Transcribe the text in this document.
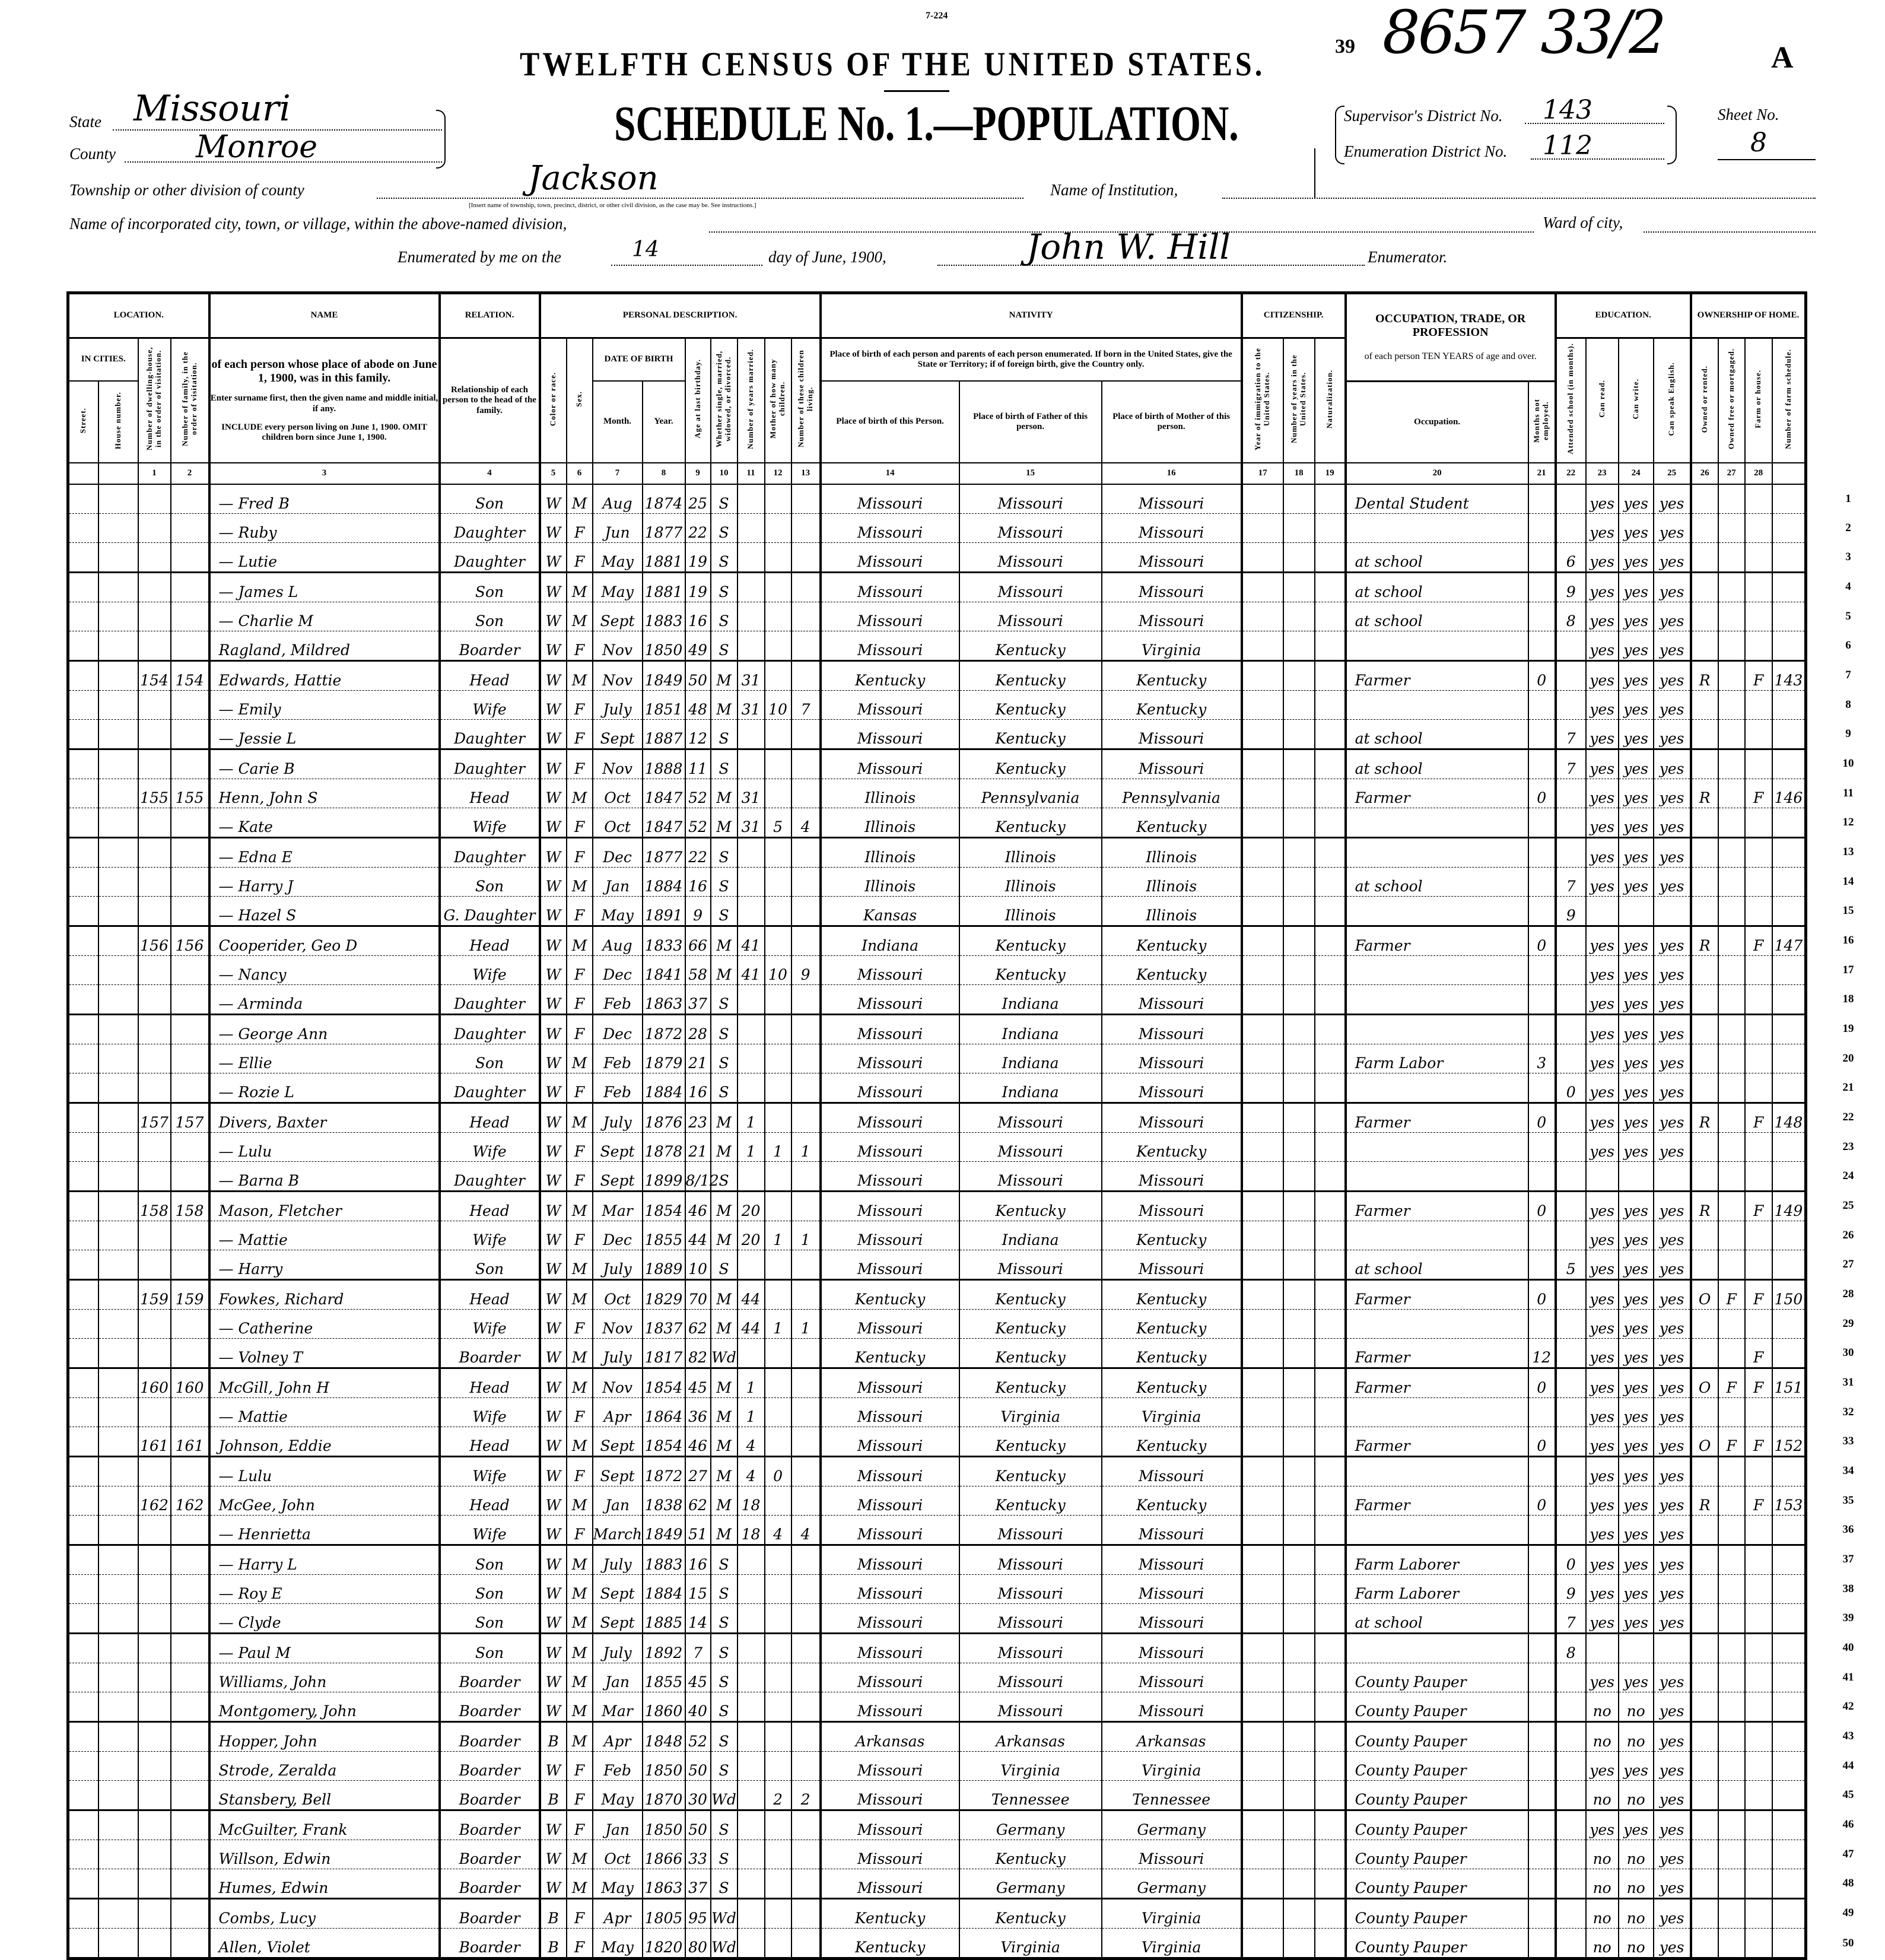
7-224
TWELFTH CENSUS OF THE UNITED STATES.
SCHEDULE No. 1.—POPULATION.
8657 33/2
39	A
State Missouri
County	Monroe
Supervisor's District No. 143
Enumeration District No. 112
Sheet No.
8
Township or other division of county	Jackson
[Insert name of township, town, precinct, district, or other civil division, as the case may be. See instructions.]
Name of Institution,
Name of incorporated city, town, or village, within the above-named division,	Ward of city,
Enumerated by me on the	14	day of June, 1900,	John W. Hill	Enumerator.
LOCATION.				NAME	RELATION.	PERSONAL DESCRIPTION.									NATIVITY			CITIZENSHIP.			OCCUPATION, TRADE, OR PROFESSION
of each person TEN YEARS of age and over.		EDUCATION.				OWNERSHIP OF HOME.			
IN CITIES.		Number of dwelling-house, in the order of visitation.	Number of family, in the order of visitation.	of each person whose place of abode on June 1, 1900, was in this family.
Enter surname first, then the given name and middle initial, if any.
INCLUDE every person living on June 1, 1900. OMIT children born since June 1, 1900.	Relationship of each person to the head of the family.	Color or race.	Sex.	DATE OF BIRTH		Age at last birthday.	Whether single, married, widowed, or divorced.	Number of years married.	Mother of how many children.	Number of these children living.	Place of birth of each person and parents of each person enumerated. If born in the United States, give the State or Territory; if of foreign birth, give the Country only.			Year of immigration to the United States.	Number of years in the United States.	Naturalization.			Attended school (in months).	Can read.	Can write.	Can speak English.	Owned or rented.	Owned free or mortgaged.	Farm or house.	Number of farm schedule.
Street.	House number.							Month.	Year.						Place of birth of this Person.	Place of birth of Father of this person.	Place of birth of Mother of this person.				Occupation.	Months not employed.								
		1	2	3	4	5	6	7	8	9	10	11	12	13	14	15	16	17	18	19	20	21	22	23	24	25	26	27	28	
				— Fred B	Son	W	M	Aug	1874	25	S				Missouri	Missouri	Missouri				Dental Student			yes	yes	yes				
				— Ruby	Daughter	W	F	Jun	1877	22	S				Missouri	Missouri	Missouri							yes	yes	yes				
				— Lutie	Daughter	W	F	May	1881	19	S				Missouri	Missouri	Missouri				at school		6	yes	yes	yes				
				— James L	Son	W	M	May	1881	19	S				Missouri	Missouri	Missouri				at school		9	yes	yes	yes				
				— Charlie M	Son	W	M	Sept	1883	16	S				Missouri	Missouri	Missouri				at school		8	yes	yes	yes				
				Ragland, Mildred	Boarder	W	F	Nov	1850	49	S				Missouri	Kentucky	Virginia							yes	yes	yes				
		154	154	Edwards, Hattie	Head	W	M	Nov	1849	50	M	31			Kentucky	Kentucky	Kentucky				Farmer	0		yes	yes	yes	R		F	143
				— Emily	Wife	W	F	July	1851	48	M	31	10	7	Missouri	Kentucky	Kentucky							yes	yes	yes				
				— Jessie L	Daughter	W	F	Sept	1887	12	S				Missouri	Kentucky	Missouri				at school		7	yes	yes	yes				
				— Carie B	Daughter	W	F	Nov	1888	11	S				Missouri	Kentucky	Missouri				at school		7	yes	yes	yes				
		155	155	Henn, John S	Head	W	M	Oct	1847	52	M	31			Illinois	Pennsylvania	Pennsylvania				Farmer	0		yes	yes	yes	R		F	146
				— Kate	Wife	W	F	Oct	1847	52	M	31	5	4	Illinois	Kentucky	Kentucky							yes	yes	yes				
				— Edna E	Daughter	W	F	Dec	1877	22	S				Illinois	Illinois	Illinois							yes	yes	yes				
				— Harry J	Son	W	M	Jan	1884	16	S				Illinois	Illinois	Illinois				at school		7	yes	yes	yes				
				— Hazel S	G. Daughter	W	F	May	1891	9	S				Kansas	Illinois	Illinois						9							
		156	156	Cooperider, Geo D	Head	W	M	Aug	1833	66	M	41			Indiana	Kentucky	Kentucky				Farmer	0		yes	yes	yes	R		F	147
				— Nancy	Wife	W	F	Dec	1841	58	M	41	10	9	Missouri	Kentucky	Kentucky							yes	yes	yes				
				— Arminda	Daughter	W	F	Feb	1863	37	S				Missouri	Indiana	Missouri							yes	yes	yes				
				— George Ann	Daughter	W	F	Dec	1872	28	S				Missouri	Indiana	Missouri							yes	yes	yes				
				— Ellie	Son	W	M	Feb	1879	21	S				Missouri	Indiana	Missouri				Farm Labor	3		yes	yes	yes				
				— Rozie L	Daughter	W	F	Feb	1884	16	S				Missouri	Indiana	Missouri						0	yes	yes	yes				
		157	157	Divers, Baxter	Head	W	M	July	1876	23	M	1			Missouri	Missouri	Missouri				Farmer	0		yes	yes	yes	R		F	148
				— Lulu	Wife	W	F	Sept	1878	21	M	1	1	1	Missouri	Missouri	Kentucky							yes	yes	yes				
				— Barna B	Daughter	W	F	Sept	1899	8/12	S				Missouri	Missouri	Missouri													
		158	158	Mason, Fletcher	Head	W	M	Mar	1854	46	M	20			Missouri	Kentucky	Missouri				Farmer	0		yes	yes	yes	R		F	149
				— Mattie	Wife	W	F	Dec	1855	44	M	20	1	1	Missouri	Indiana	Kentucky							yes	yes	yes				
				— Harry	Son	W	M	July	1889	10	S				Missouri	Missouri	Missouri				at school		5	yes	yes	yes				
		159	159	Fowkes, Richard	Head	W	M	Oct	1829	70	M	44			Kentucky	Kentucky	Kentucky				Farmer	0		yes	yes	yes	O	F	F	150
				— Catherine	Wife	W	F	Nov	1837	62	M	44	1	1	Missouri	Kentucky	Kentucky							yes	yes	yes				
				— Volney T	Boarder	W	M	July	1817	82	Wd				Kentucky	Kentucky	Kentucky				Farmer	12		yes	yes	yes			F	
		160	160	McGill, John H	Head	W	M	Nov	1854	45	M	1			Missouri	Kentucky	Kentucky				Farmer	0		yes	yes	yes	O	F	F	151
				— Mattie	Wife	W	F	Apr	1864	36	M	1			Missouri	Virginia	Virginia							yes	yes	yes				
		161	161	Johnson, Eddie	Head	W	M	Sept	1854	46	M	4			Missouri	Kentucky	Kentucky				Farmer	0		yes	yes	yes	O	F	F	152
				— Lulu	Wife	W	F	Sept	1872	27	M	4	0		Missouri	Kentucky	Missouri							yes	yes	yes				
		162	162	McGee, John	Head	W	M	Jan	1838	62	M	18			Missouri	Kentucky	Kentucky				Farmer	0		yes	yes	yes	R		F	153
				— Henrietta	Wife	W	F	March	1849	51	M	18	4	4	Missouri	Missouri	Missouri							yes	yes	yes				
				— Harry L	Son	W	M	July	1883	16	S				Missouri	Missouri	Missouri				Farm Laborer		0	yes	yes	yes				
				— Roy E	Son	W	M	Sept	1884	15	S				Missouri	Missouri	Missouri				Farm Laborer		9	yes	yes	yes				
				— Clyde	Son	W	M	Sept	1885	14	S				Missouri	Missouri	Missouri				at school		7	yes	yes	yes				
				— Paul M	Son	W	M	July	1892	7	S				Missouri	Missouri	Missouri						8							
				Williams, John	Boarder	W	M	Jan	1855	45	S				Missouri	Missouri	Missouri				County Pauper			yes	yes	yes				
				Montgomery, John	Boarder	W	M	Mar	1860	40	S				Missouri	Missouri	Missouri				County Pauper			no	no	yes				
				Hopper, John	Boarder	B	M	Apr	1848	52	S				Arkansas	Arkansas	Arkansas				County Pauper			no	no	yes				
				Strode, Zeralda	Boarder	W	F	Feb	1850	50	S				Missouri	Virginia	Virginia				County Pauper			yes	yes	yes				
				Stansbery, Bell	Boarder	B	F	May	1870	30	Wd		2	2	Missouri	Tennessee	Tennessee				County Pauper			no	no	yes				
				McGuilter, Frank	Boarder	W	F	Jan	1850	50	S				Missouri	Germany	Germany				County Pauper			yes	yes	yes				
				Willson, Edwin	Boarder	W	M	Oct	1866	33	S				Missouri	Kentucky	Missouri				County Pauper			no	no	yes				
				Humes, Edwin	Boarder	W	M	May	1863	37	S				Missouri	Germany	Germany				County Pauper			no	no	yes				
				Combs, Lucy	Boarder	B	F	Apr	1805	95	Wd				Kentucky	Kentucky	Virginia				County Pauper			no	no	yes				
				Allen, Violet	Boarder	B	F	May	1820	80	Wd				Kentucky	Virginia	Virginia				County Pauper			no	no	yes				
1
2
3
4
5
6
7
8
9
10
11
12
13
14
15
16
17
18
19
20
21
22
23
24
25
26
27
28
29
30
31
32
33
34
35
36
37
38
39
40
41
42
43
44
45
46
47
48
49
50
